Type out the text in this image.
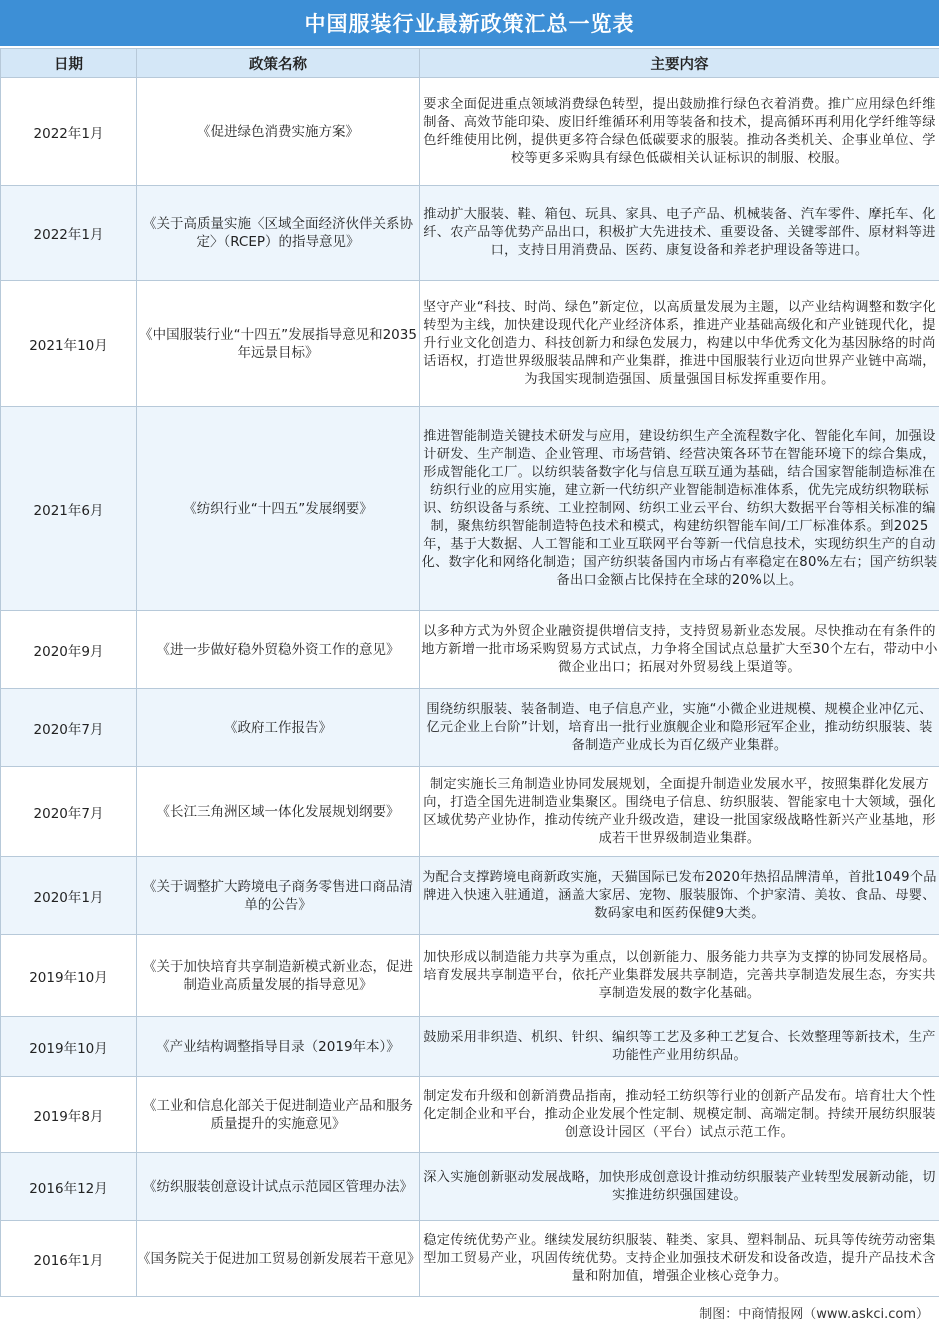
中国服装行业最新政策汇总一览表
日期	政策名称	主要内容
2022年1月	《促进绿色消费实施方案》	要求全面促进重点领域消费绿色转型，提出鼓励推行绿色衣着消费。推广应用绿色纤维制备、高效节能印染、废旧纤维循环利用等装备和技术，提高循环再利用化学纤维等绿色纤维使用比例，提供更多符合绿色低碳要求的服装。推动各类机关、企事业单位、学校等更多采购具有绿色低碳相关认证标识的制服、校服。
2022年1月	《关于高质量实施〈区域全面经济伙伴关系协定〉（RCEP）的指导意见》	推动扩大服装、鞋、箱包、玩具、家具、电子产品、机械装备、汽车零件、摩托车、化纤、农产品等优势产品出口，积极扩大先进技术、重要设备、关键零部件、原材料等进口，支持日用消费品、医药、康复设备和养老护理设备等进口。
2021年10月	《中国服装行业“十四五”发展指导意见和2035年远景目标》	坚守产业“科技、时尚、绿色”新定位，以高质量发展为主题，以产业结构调整和数字化转型为主线，加快建设现代化产业经济体系，推进产业基础高级化和产业链现代化，提升行业文化创造力、科技创新力和绿色发展力，构建以中华优秀文化为基因脉络的时尚话语权，打造世界级服装品牌和产业集群，推进中国服装行业迈向世界产业链中高端，为我国实现制造强国、质量强国目标发挥重要作用。
2021年6月	《纺织行业“十四五”发展纲要》	推进智能制造关键技术研发与应用，建设纺织生产全流程数字化、智能化车间，加强设计研发、生产制造、企业管理、市场营销、经营决策各环节在智能环境下的综合集成，形成智能化工厂。以纺织装备数字化与信息互联互通为基础，结合国家智能制造标准在纺织行业的应用实施，建立新一代纺织产业智能制造标准体系，优先完成纺织物联标识、纺织设备与系统、工业控制网、纺织工业云平台、纺织大数据平台等相关标准的编制，聚焦纺织智能制造特色技术和模式，构建纺织智能车间/工厂标准体系。到2025年，基于大数据、人工智能和工业互联网平台等新一代信息技术，实现纺织生产的自动化、数字化和网络化制造；国产纺织装备国内市场占有率稳定在80%左右；国产纺织装备出口金额占比保持在全球的20%以上。
2020年9月	《进一步做好稳外贸稳外资工作的意见》	以多种方式为外贸企业融资提供增信支持，支持贸易新业态发展。尽快推动在有条件的地方新增一批市场采购贸易方式试点，力争将全国试点总量扩大至30个左右，带动中小微企业出口；拓展对外贸易线上渠道等。
2020年7月	《政府工作报告》	围绕纺织服装、装备制造、电子信息产业，实施“小微企业进规模、规模企业冲亿元、亿元企业上台阶”计划，培育出一批行业旗舰企业和隐形冠军企业，推动纺织服装、装备制造产业成长为百亿级产业集群。
2020年7月	《长江三角洲区域一体化发展规划纲要》	制定实施长三角制造业协同发展规划，全面提升制造业发展水平，按照集群化发展方向，打造全国先进制造业集聚区。围绕电子信息、纺织服装、智能家电十大领域，强化区域优势产业协作，推动传统产业升级改造，建设一批国家级战略性新兴产业基地，形成若干世界级制造业集群。
2020年1月	《关于调整扩大跨境电子商务零售进口商品清单的公告》	为配合支撑跨境电商新政实施，天猫国际已发布2020年热招品牌清单，首批1049个品牌进入快速入驻通道，涵盖大家居、宠物、服装服饰、个护家清、美妆、食品、母婴、数码家电和医药保健9大类。
2019年10月	《关于加快培育共享制造新模式新业态，促进制造业高质量发展的指导意见》	加快形成以制造能力共享为重点，以创新能力、服务能力共享为支撑的协同发展格局。培育发展共享制造平台，依托产业集群发展共享制造，完善共享制造发展生态，夯实共享制造发展的数字化基础。
2019年10月	《产业结构调整指导目录（2019年本）》	鼓励采用非织造、机织、针织、编织等工艺及多种工艺复合、长效整理等新技术，生产功能性产业用纺织品。
2019年8月	《工业和信息化部关于促进制造业产品和服务质量提升的实施意见》	制定发布升级和创新消费品指南，推动轻工纺织等行业的创新产品发布。培育壮大个性化定制企业和平台，推动企业发展个性定制、规模定制、高端定制。持续开展纺织服装创意设计园区（平台）试点示范工作。
2016年12月	《纺织服装创意设计试点示范园区管理办法》	深入实施创新驱动发展战略，加快形成创意设计推动纺织服装产业转型发展新动能，切实推进纺织强国建设。
2016年1月	《国务院关于促进加工贸易创新发展若干意见》	稳定传统优势产业。继续发展纺织服装、鞋类、家具、塑料制品、玩具等传统劳动密集型加工贸易产业，巩固传统优势。支持企业加强技术研发和设备改造，提升产品技术含量和附加值，增强企业核心竞争力。
制图：中商情报网（www.askci.com）
